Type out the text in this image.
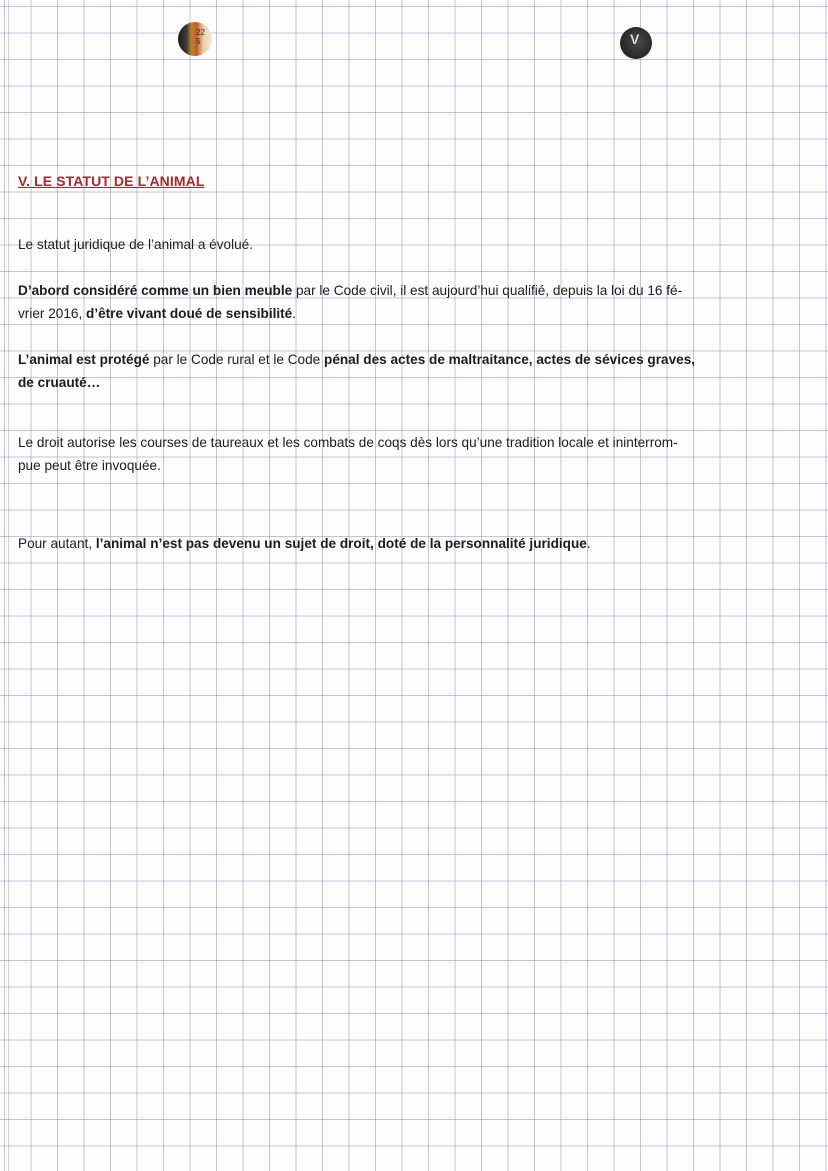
22
5	V
V. LE STATUT DE L’ANIMAL
Le statut juridique de l’animal a évolué.
D’abord considéré comme un bien meuble par le Code civil, il est aujourd’hui qualifié, depuis la loi du 16 fé-
vrier 2016, d’être vivant doué de sensibilité.
L’animal est protégé par le Code rural et le Code pénal des actes de maltraitance, actes de sévices graves,
de cruauté…
Le droit autorise les courses de taureaux et les combats de coqs dès lors qu’une tradition locale et ininterrom-
pue peut être invoquée.
Pour autant, l’animal n’est pas devenu un sujet de droit, doté de la personnalité juridique.
